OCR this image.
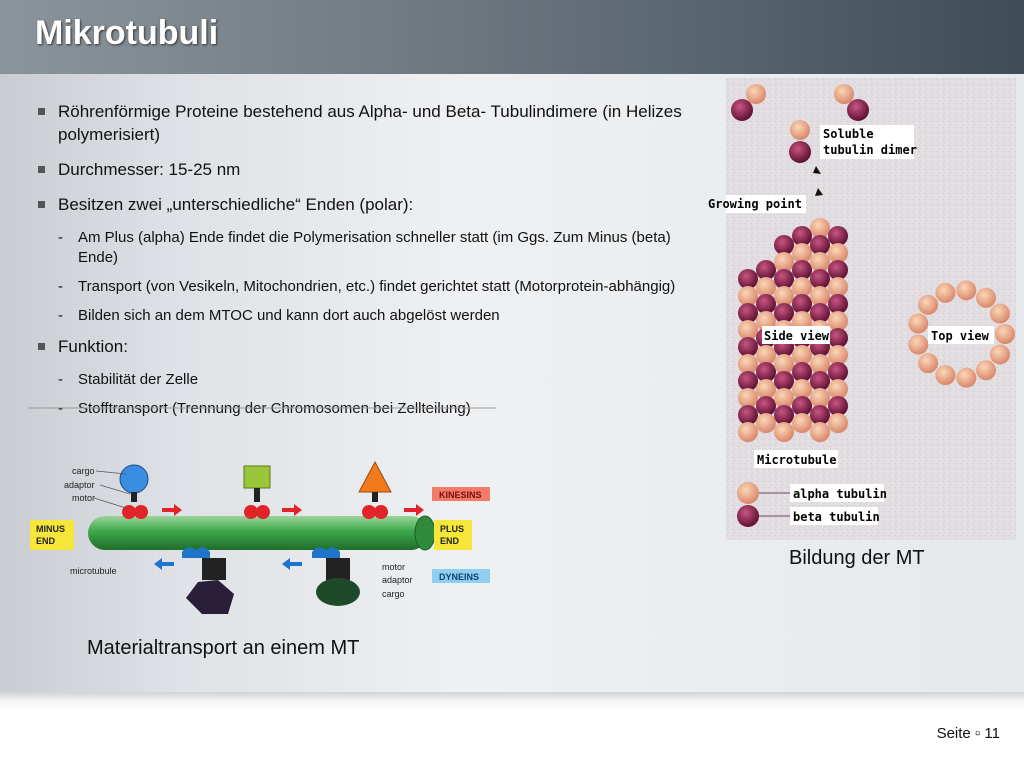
Mikrotubuli
Röhrenförmige Proteine bestehend aus Alpha- und Beta- Tubulindimere (in Helizes polymerisiert)
Durchmesser: 15-25 nm
Besitzen zwei „unterschiedliche“ Enden (polar):
- Am Plus (alpha) Ende findet die Polymerisation schneller statt (im Ggs. Zum Minus (beta) Ende)
- Transport (von Vesikeln, Mitochondrien, etc.) findet gerichtet statt (Motorprotein-abhängig)
- Bilden sich an dem MTOC und kann dort auch abgelöst werden
Funktion:
- Stabilität der Zelle
- Stofftransport (Trennung der Chromosomen bei Zellteilung)
Soluble
tubulin dimer
Growing point
Side view	Top view
Microtubule
alpha tubulin
beta tubulin
Bildung der MT
cargo
adaptor
motor
microtubule	motor
adaptor
cargo
KINESINS
DYNEINS
MINUS
END
PLUS
END
Materialtransport an einem MT
Seite ▫ 11
